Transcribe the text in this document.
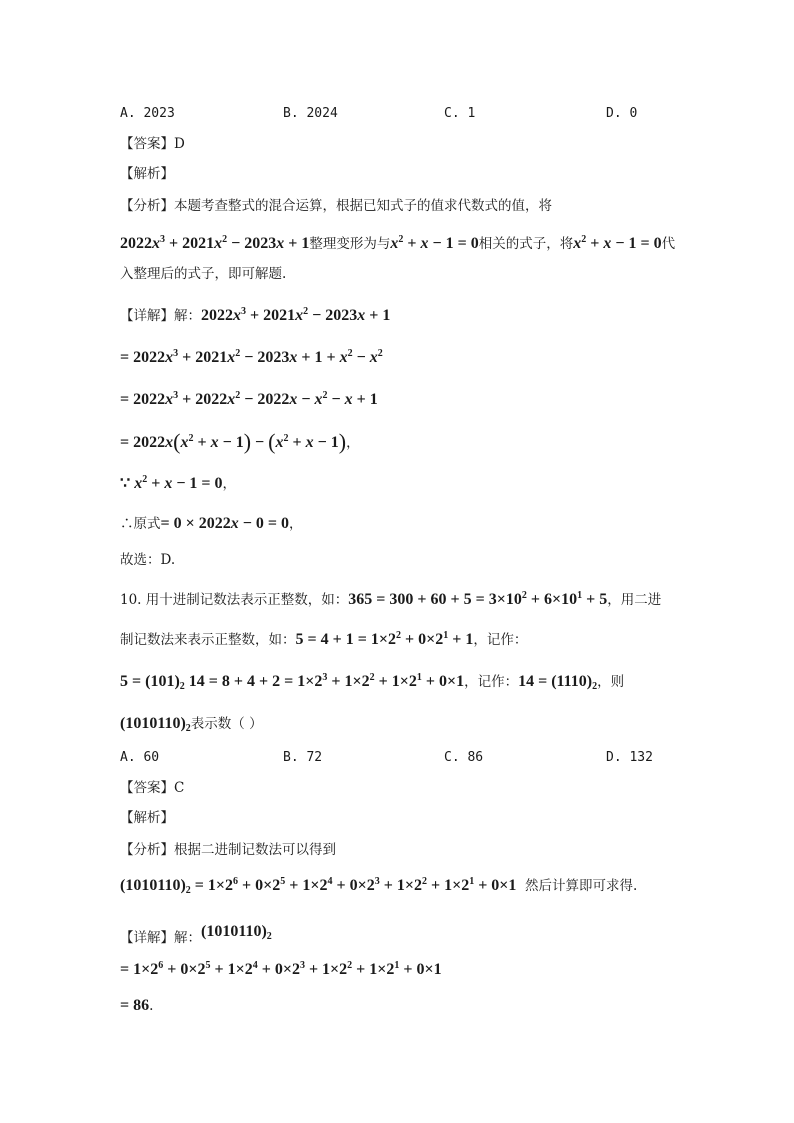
A. 2023	B. 2024	C. 1	D. 0
【答案】D
【解析】
【分析】本题考查整式的混合运算，根据已知式子的值求代数式的值，将
$2022x^3 + 2021x^2 - 2023x + 1$整理变形为与$x^2 + x - 1 = 0$相关的式子，将$x^2 + x - 1 = 0$代
入整理后的式子，即可解题.
【详解】解：$2022x^3 + 2021x^2 - 2023x + 1$
= $2022x^3 + 2021x^2 - 2023x + 1 + x^2 - x^2$
= $2022x^3 + 2022x^2 - 2022x - x^2 - x + 1$
= $2022x(x^2 + x - 1) - (x^2 + x - 1)$，
∵ $x^2 + x - 1 = 0$，
∴原式= 0 × 2022x − 0 = 0，
故选：D.
10. 用十进制记数法表示正整数，如：$365 = 300 + 60 + 5 = 3\times 10^2 + 6\times 10^1 + 5$，用二进
制记数法来表示正整数，如：$5 = 4 + 1 = 1\times 2^2 + 0\times 2^1 + 1$，记作：
$5 = (101)_2$ $14 = 8 + 4 + 2 = 1\times 2^3 + 1\times 2^2 + 1\times 2^1 + 0\times 1$，记作：$14 = (1110)_2$，则
$(1010110)_2$表示数（ ）
A. 60	B. 72	C. 86	D. 132
【答案】C
【解析】
【分析】根据二进制记数法可以得到
$(1010110)_2 = 1\times 2^6 + 0\times 2^5 + 1\times 2^4 + 0\times 2^3 + 1\times 2^2 + 1\times 2^1 + 0\times 1$ 然后计算即可求得.
【详解】解：$(1010110)_2$
= $1\times 2^6 + 0\times 2^5 + 1\times 2^4 + 0\times 2^3 + 1\times 2^2 + 1\times 2^1 + 0\times 1$
= 86.
